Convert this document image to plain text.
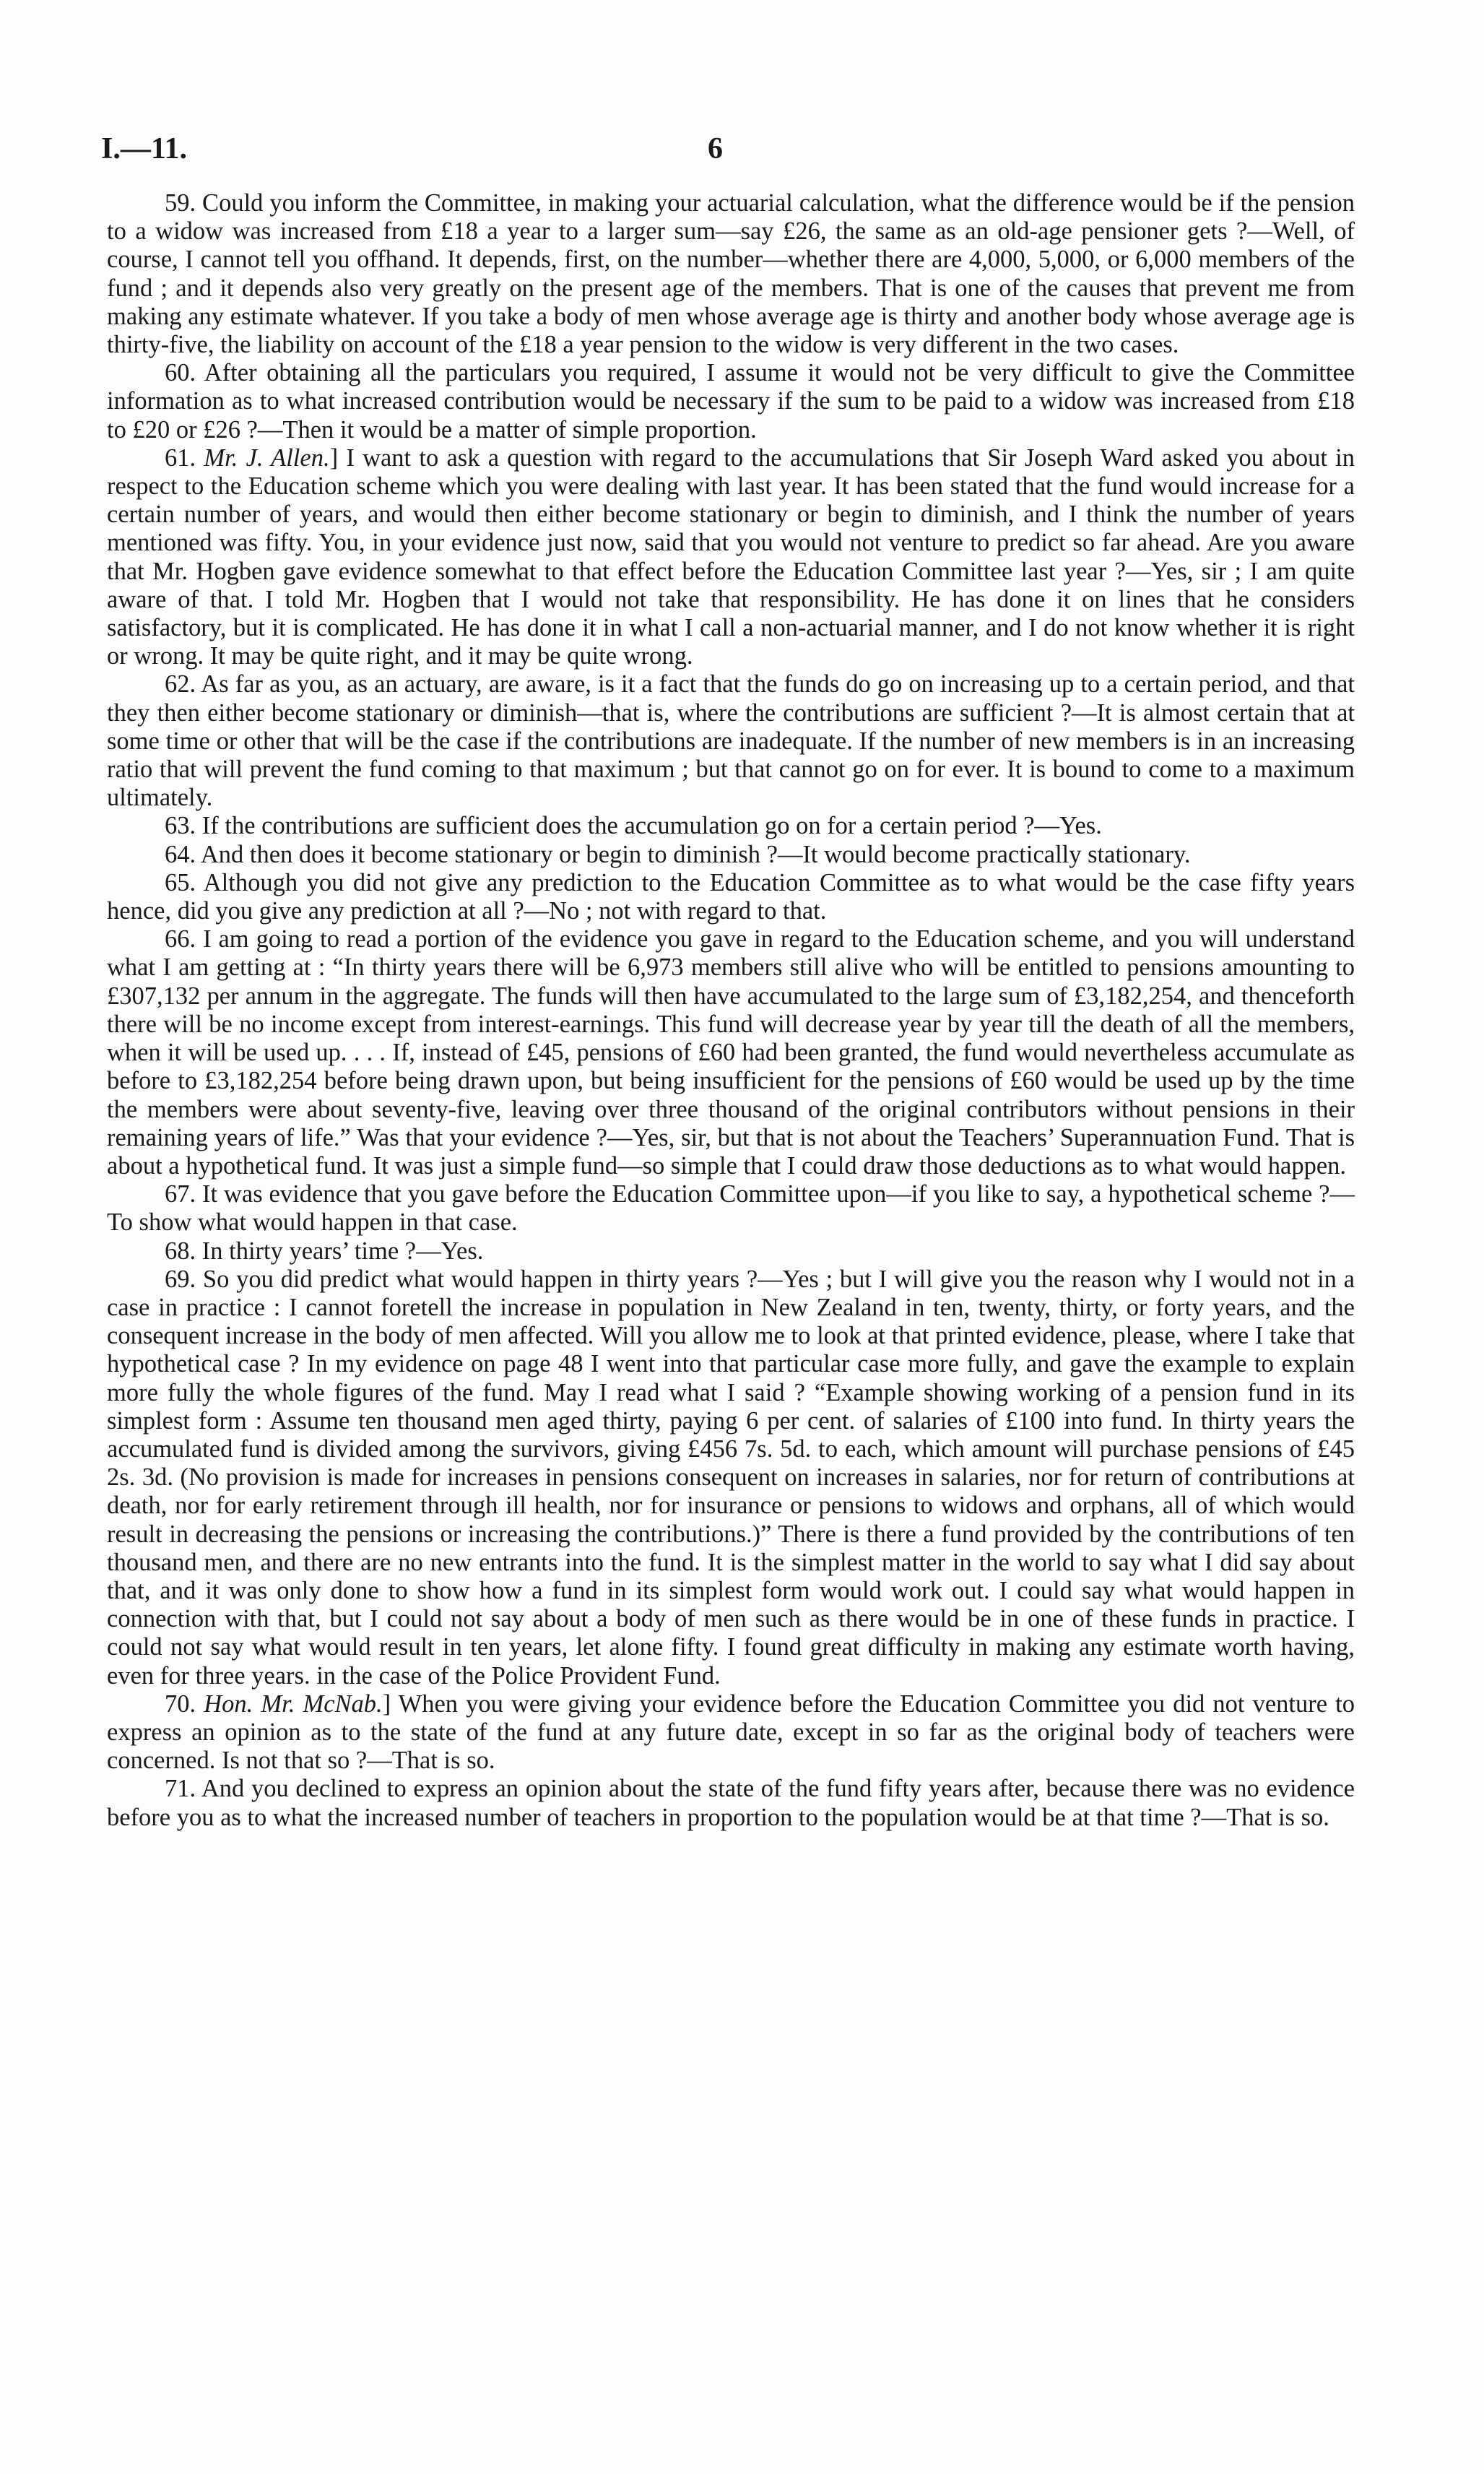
I.—11.	6

59. Could you inform the Committee, in making your actuarial calculation, what the difference would be if the pension to a widow was increased from £18 a year to a larger sum—say £26, the same as an old-age pensioner gets ?—Well, of course, I cannot tell you offhand. It depends, first, on the number—whether there are 4,000, 5,000, or 6,000 members of the fund ; and it depends also very greatly on the present age of the members. That is one of the causes that prevent me from making any estimate whatever. If you take a body of men whose average age is thirty and another body whose average age is thirty-five, the liability on account of the £18 a year pension to the widow is very different in the two cases.

60. After obtaining all the particulars you required, I assume it would not be very difficult to give the Committee information as to what increased contribution would be necessary if the sum to be paid to a widow was increased from £18 to £20 or £26 ?—Then it would be a matter of simple proportion.

61. Mr. J. Allen.] I want to ask a question with regard to the accumulations that Sir Joseph Ward asked you about in respect to the Education scheme which you were dealing with last year. It has been stated that the fund would increase for a certain number of years, and would then either become stationary or begin to diminish, and I think the number of years mentioned was fifty. You, in your evidence just now, said that you would not venture to predict so far ahead. Are you aware that Mr. Hogben gave evidence somewhat to that effect before the Education Committee last year ?—Yes, sir ; I am quite aware of that. I told Mr. Hogben that I would not take that responsibility. He has done it on lines that he considers satisfactory, but it is complicated. He has done it in what I call a non-actuarial manner, and I do not know whether it is right or wrong. It may be quite right, and it may be quite wrong.

62. As far as you, as an actuary, are aware, is it a fact that the funds do go on increasing up to a certain period, and that they then either become stationary or diminish—that is, where the contributions are sufficient ?—It is almost certain that at some time or other that will be the case if the contributions are inadequate. If the number of new members is in an increasing ratio that will prevent the fund coming to that maximum ; but that cannot go on for ever. It is bound to come to a maximum ultimately.

63. If the contributions are sufficient does the accumulation go on for a certain period ?—Yes.

64. And then does it become stationary or begin to diminish ?—It would become practically stationary.

65. Although you did not give any prediction to the Education Committee as to what would be the case fifty years hence, did you give any prediction at all ?—No ; not with regard to that.

66. I am going to read a portion of the evidence you gave in regard to the Education scheme, and you will understand what I am getting at : “In thirty years there will be 6,973 members still alive who will be entitled to pensions amounting to £307,132 per annum in the aggregate. The funds will then have accumulated to the large sum of £3,182,254, and thenceforth there will be no income except from interest-earnings. This fund will decrease year by year till the death of all the members, when it will be used up. . . . If, instead of £45, pensions of £60 had been granted, the fund would nevertheless accumulate as before to £3,182,254 before being drawn upon, but being insufficient for the pensions of £60 would be used up by the time the members were about seventy-five, leaving over three thousand of the original contributors without pensions in their remaining years of life.” Was that your evidence ?—Yes, sir, but that is not about the Teachers’ Superannuation Fund. That is about a hypothetical fund. It was just a simple fund—so simple that I could draw those deductions as to what would happen.

67. It was evidence that you gave before the Education Committee upon—if you like to say, a hypothetical scheme ?—To show what would happen in that case.

68. In thirty years’ time ?—Yes.

69. So you did predict what would happen in thirty years ?—Yes ; but I will give you the reason why I would not in a case in practice : I cannot foretell the increase in population in New Zealand in ten, twenty, thirty, or forty years, and the consequent increase in the body of men affected. Will you allow me to look at that printed evidence, please, where I take that hypothetical case ? In my evidence on page 48 I went into that particular case more fully, and gave the example to explain more fully the whole figures of the fund. May I read what I said ? “Example showing working of a pension fund in its simplest form : Assume ten thousand men aged thirty, paying 6 per cent. of salaries of £100 into fund. In thirty years the accumulated fund is divided among the survivors, giving £456 7s. 5d. to each, which amount will purchase pensions of £45 2s. 3d. (No provision is made for increases in pensions consequent on increases in salaries, nor for return of contributions at death, nor for early retirement through ill health, nor for insurance or pensions to widows and orphans, all of which would result in decreasing the pensions or increasing the contributions.)” There is there a fund provided by the contributions of ten thousand men, and there are no new entrants into the fund. It is the simplest matter in the world to say what I did say about that, and it was only done to show how a fund in its simplest form would work out. I could say what would happen in connection with that, but I could not say about a body of men such as there would be in one of these funds in practice. I could not say what would result in ten years, let alone fifty. I found great difficulty in making any estimate worth having, even for three years. in the case of the Police Provident Fund.

70. Hon. Mr. McNab.] When you were giving your evidence before the Education Committee you did not venture to express an opinion as to the state of the fund at any future date, except in so far as the original body of teachers were concerned. Is not that so ?—That is so.

71. And you declined to express an opinion about the state of the fund fifty years after, because there was no evidence before you as to what the increased number of teachers in proportion to the population would be at that time ?—That is so.
